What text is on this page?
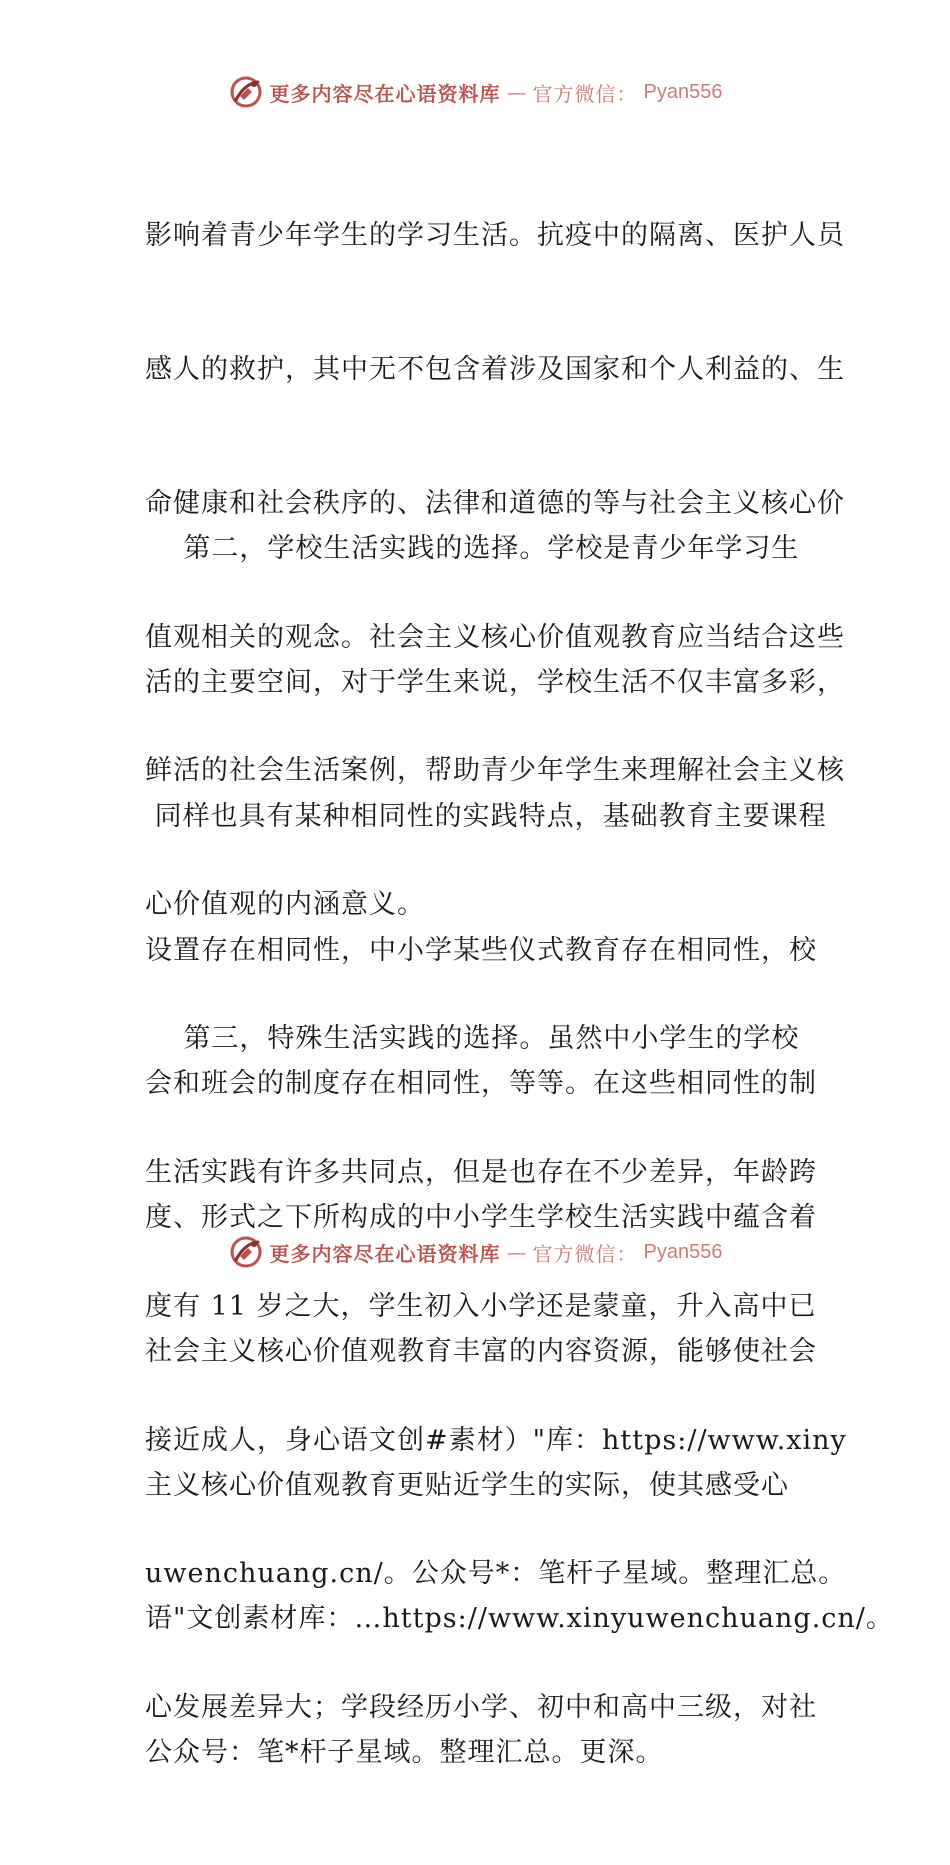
更多内容尽在心语资料库 — 官方微信： Pyan556

影响着青少年学生的学习生活。抗疫中的隔离、医护人员

感人的救护，其中无不包含着涉及国家和个人利益的、生

命健康和社会秩序的、法律和道德的等与社会主义核心价

值观相关的观念。社会主义核心价值观教育应当结合这些

鲜活的社会生活案例，帮助青少年学生来理解社会主义核

心价值观的内涵意义。

第二，学校生活实践的选择。学校是青少年学习生

活的主要空间，对于学生来说，学校生活不仅丰富多彩，

同样也具有某种相同性的实践特点，基础教育主要课程

设置存在相同性，中小学某些仪式教育存在相同性，校

会和班会的制度存在相同性，等等。在这些相同性的制

度、形式之下所构成的中小学生学校生活实践中蕴含着

社会主义核心价值观教育丰富的内容资源，能够使社会

主义核心价值观教育更贴近学生的实际，使其感受心

语"文创素材库：…https://www.xinyuwenchuang.cn/。

公众号：笔*杆子星域。整理汇总。更深。

第三，特殊生活实践的选择。虽然中小学生的学校

生活实践有许多共同点，但是也存在不少差异，年龄跨

度有 11 岁之大，学生初入小学还是蒙童，升入高中已

接近成人，身心语文创#素材）"库：https://www.xiny

uwenchuang.cn/。公众号*：笔杆子星域。整理汇总。

心发展差异大；学段经历小学、初中和高中三级，对社

更多内容尽在心语资料库 — 官方微信： Pyan556
